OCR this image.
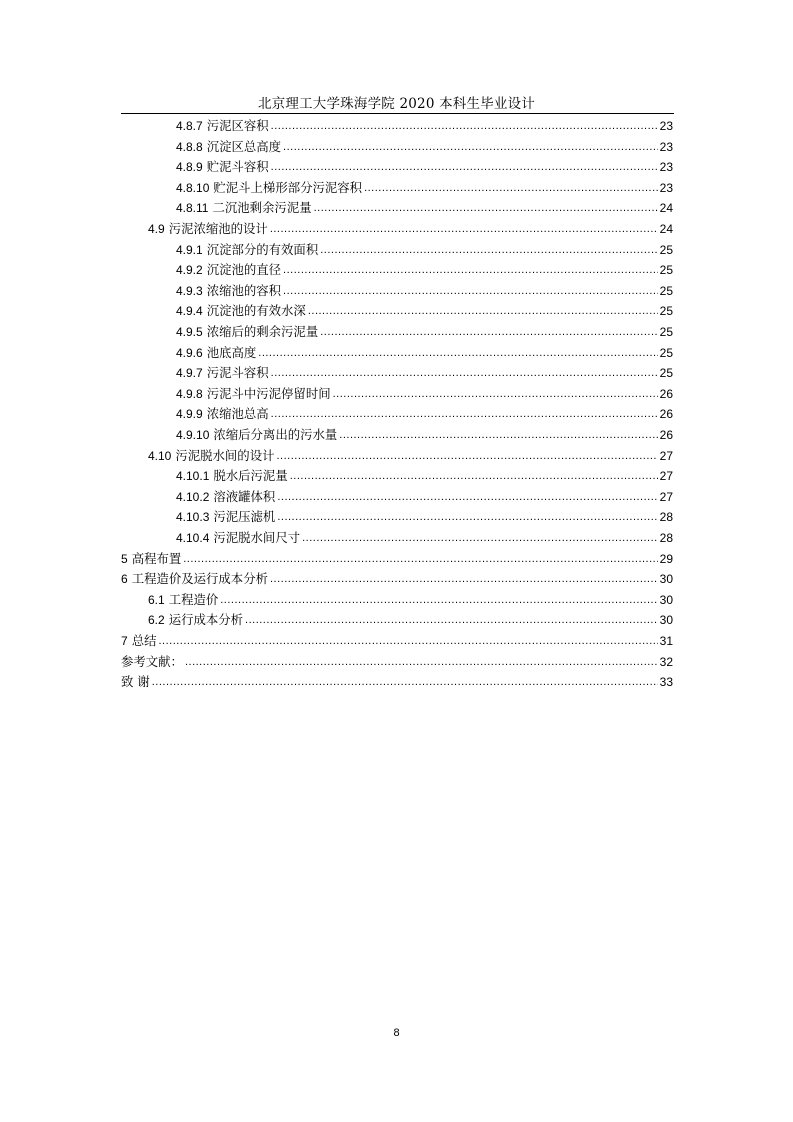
北京理工大学珠海学院 2020 本科生毕业设计
4.8.7 污泥区容积 .....	23
4.8.8 沉淀区总高度 .....	23
4.8.9 贮泥斗容积 .....	23
4.8.10 贮泥斗上梯形部分污泥容积 .....	23
4.8.11 二沉池剩余污泥量 .....	24
4.9 污泥浓缩池的设计 .....	24
4.9.1 沉淀部分的有效面积 .....	25
4.9.2 沉淀池的直径 .....	25
4.9.3 浓缩池的容积 .....	25
4.9.4 沉淀池的有效水深 .....	25
4.9.5 浓缩后的剩余污泥量 .....	25
4.9.6 池底高度 .....	25
4.9.7 污泥斗容积 .....	25
4.9.8 污泥斗中污泥停留时间 .....	26
4.9.9 浓缩池总高 .....	26
4.9.10 浓缩后分离出的污水量 .....	26
4.10 污泥脱水间的设计 .....	27
4.10.1 脱水后污泥量 .....	27
4.10.2 溶液罐体积 .....	27
4.10.3 污泥压滤机 .....	28
4.10.4 污泥脱水间尺寸 .....	28
5 高程布置 .....	29
6 工程造价及运行成本分析 .....	30
6.1 工程造价 .....	30
6.2 运行成本分析 .....	30
7 总结 .....	31
参考文献： .....	32
致 谢 .....	33
8
